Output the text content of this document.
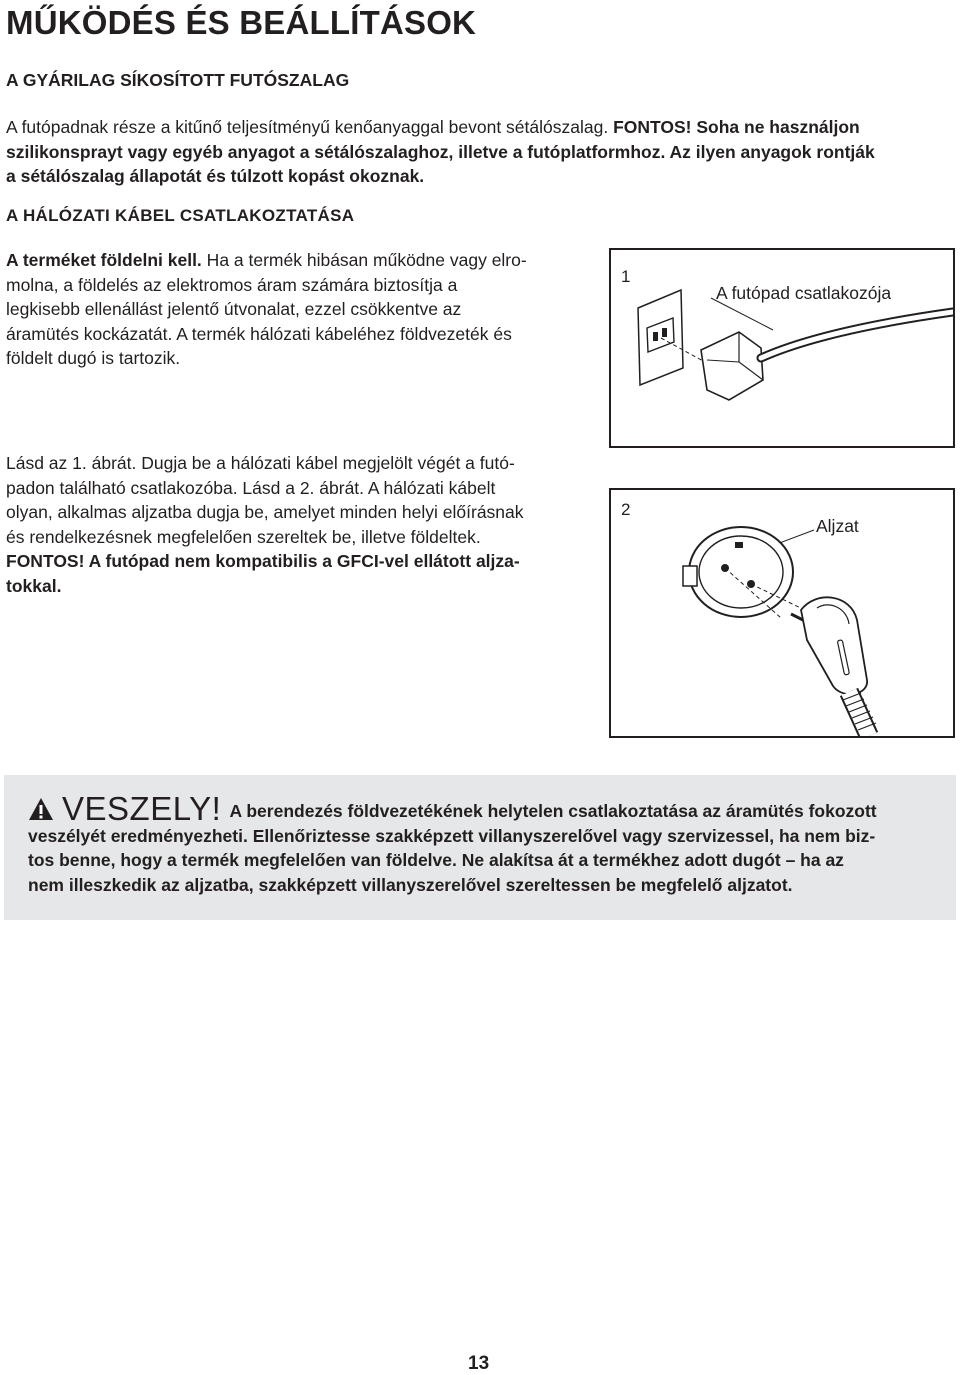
MŰKÖDÉS ÉS BEÁLLÍTÁSOK
A GYÁRILAG SÍKOSÍTOTT FUTÓSZALAG
A futópadnak része a kitűnő teljesítményű kenőanyaggal bevont sétálószalag. FONTOS! Soha ne használjon
szilikonsprayt vagy egyéb anyagot a sétálószalaghoz, illetve a futóplatformhoz. Az ilyen anyagok rontják
a sétálószalag állapotát és túlzott kopást okoznak.
A HÁLÓZATI KÁBEL CSATLAKOZTATÁSA
A terméket földelni kell. Ha a termék hibásan működne vagy elro-
molna, a földelés az elektromos áram számára biztosítja a
legkisebb ellenállást jelentő útvonalat, ezzel csökkentve az
áramütés kockázatát. A termék hálózati kábeléhez földvezeték és
földelt dugó is tartozik.
Lásd az 1. ábrát. Dugja be a hálózati kábel megjelölt végét a futó-
padon található csatlakozóba. Lásd a 2. ábrát. A hálózati kábelt
olyan, alkalmas aljzatba dugja be, amelyet minden helyi előírásnak
és rendelkezésnek megfelelően szereltek be, illetve földeltek.
FONTOS! A futópad nem kompatibilis a GFCI-vel ellátott aljza-
tokkal.
1
A futópad csatlakozója
2
Aljzat
VESZELY! A berendezés földvezetékének helytelen csatlakoztatása az áramütés fokozott
veszélyét eredményezheti. Ellenőriztesse szakképzett villanyszerelővel vagy szervizessel, ha nem biz-
tos benne, hogy a termék megfelelően van földelve. Ne alakítsa át a termékhez adott dugót – ha az
nem illeszkedik az aljzatba, szakképzett villanyszerelővel szereltessen be megfelelő aljzatot.
13
